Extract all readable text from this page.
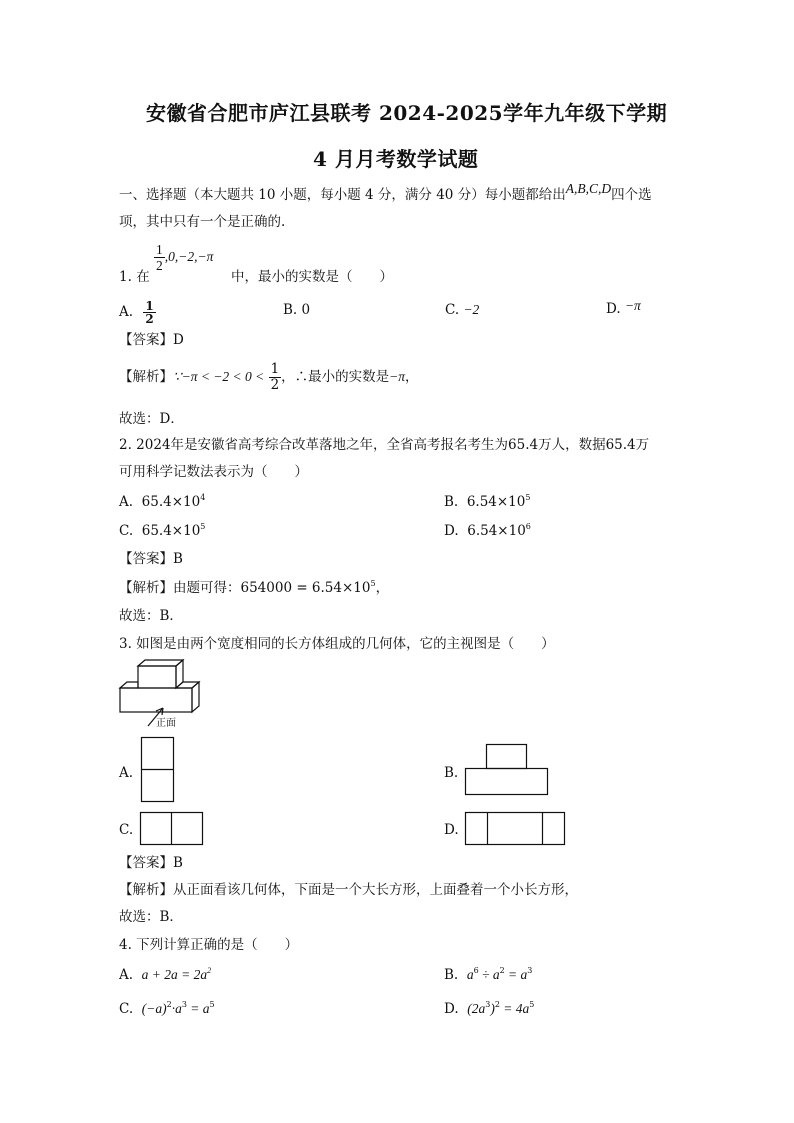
安徽省合肥市庐江县联考 2024-2025学年九年级下学期
4 月月考数学试题
一、选择题（本大题共 10 小题，每小题 4 分，满分 40 分）每小题都给出A,B,C,D四个选
项，其中只有一个是正确的.
$\frac{1}{2} ,0,-2,-\pi$
1. 在	中，最小的实数是（　　）
A. $\frac{1}{2}$	B. 0	C. −2	D. −π
【答案】D
【解析】∵−π < $-2 < 0 < \frac{1}{2}$ ，∴最小的实数是−π，
故选：D．
2. 2024年是安徽省高考综合改革落地之年，全省高考报名考生为65.4万人，数据65.4万
可用科学记数法表示为（　　）
A. $65.4\times 10^4$	B. $6.54\times 10^5$
C. $65.4\times 10^5$	D. $6.54\times 10^6$
【答案】B
【解析】由题可得：$654000 = 6.54\times 10^5$，
故选：B．
3. 如图是由两个宽度相同的长方体组成的几何体，它的主视图是（　　）
正面
A.	B.
C.	D.
【答案】B
【解析】从正面看该几何体，下面是一个大长方形，上面叠着一个小长方形，
故选：B．
4. 下列计算正确的是（　　）
A. $a + 2a = 2a^2$	B. $a^6 \div a^2 = a^3$
C. $(-a)^2\cdot a^3 = a^5$	D. $(2a^3)^2 = 4a^5$
